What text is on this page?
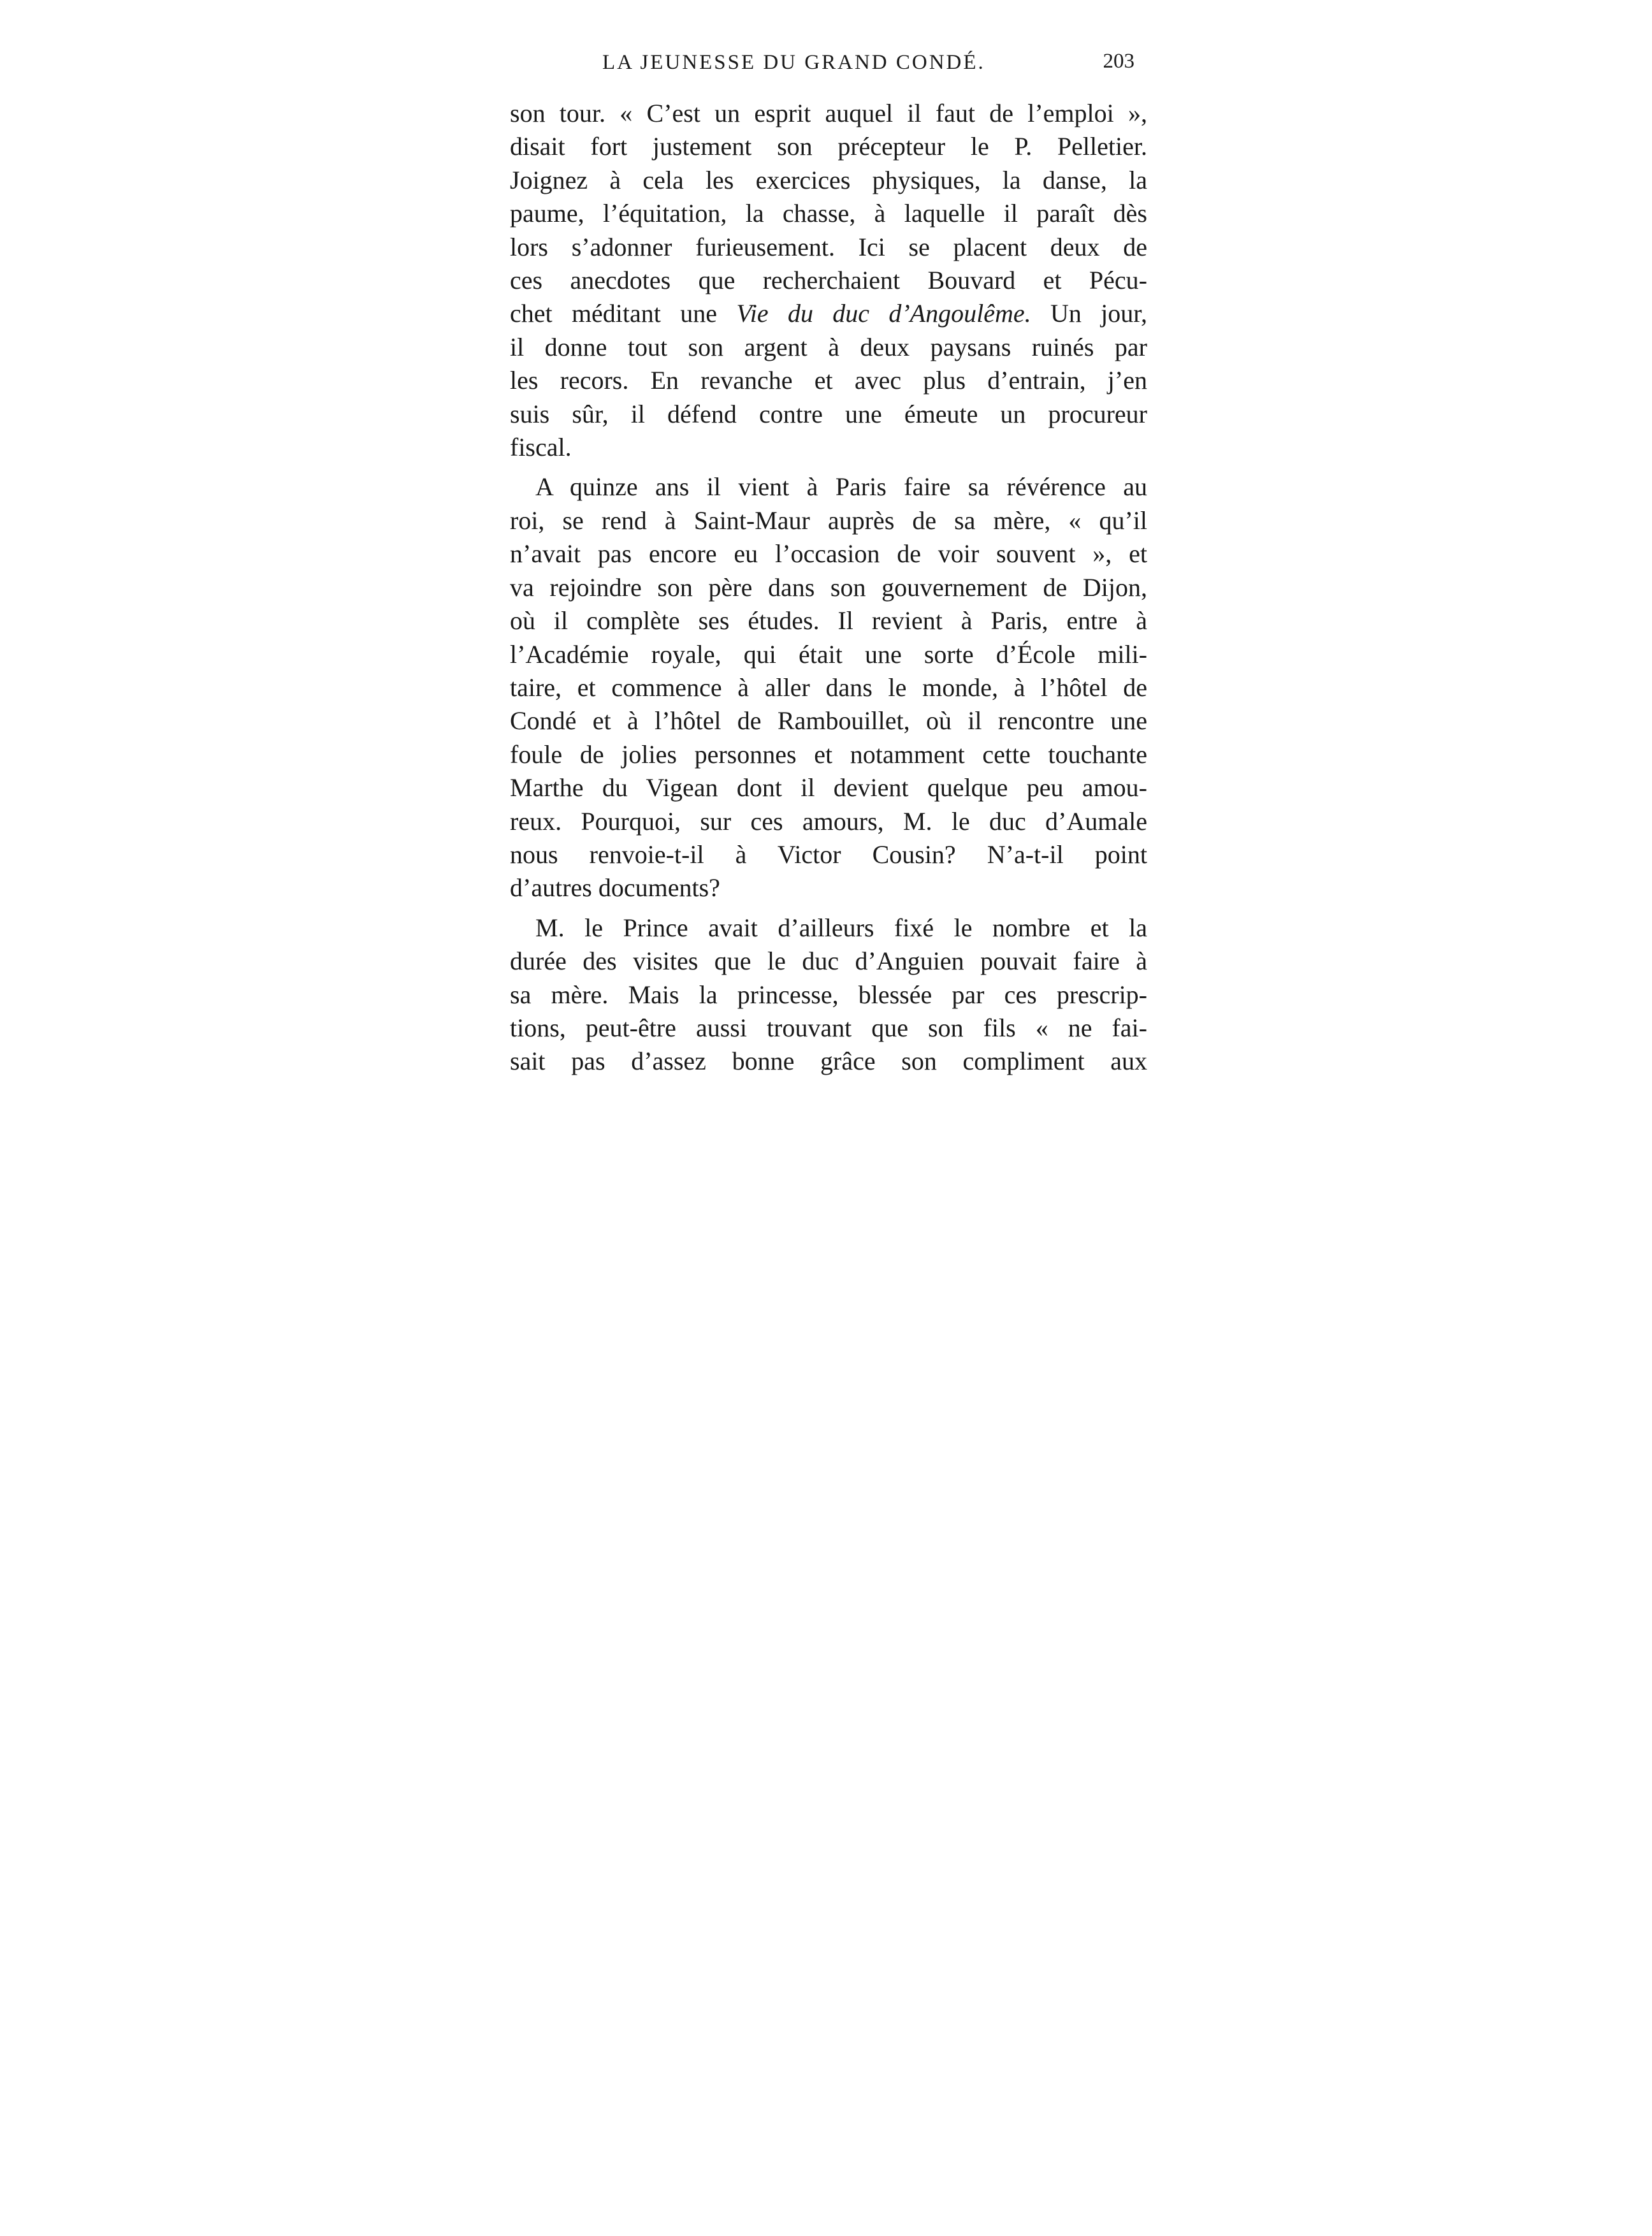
LA JEUNESSE DU GRAND CONDÉ.	203
son tour. « C’est un esprit auquel il faut de l’emploi »,
disait fort justement son précepteur le P. Pelletier.
Joignez à cela les exercices physiques, la danse, la
paume, l’équitation, la chasse, à laquelle il paraît dès
lors s’adonner furieusement. Ici se placent deux de
ces anecdotes que recherchaient Bouvard et Pécu-
chet méditant une Vie du duc d’Angoulême. Un jour,
il donne tout son argent à deux paysans ruinés par
les recors. En revanche et avec plus d’entrain, j’en
suis sûr, il défend contre une émeute un procureur
fiscal.
A quinze ans il vient à Paris faire sa révérence au
roi, se rend à Saint-Maur auprès de sa mère, « qu’il
n’avait pas encore eu l’occasion de voir souvent », et
va rejoindre son père dans son gouvernement de Dijon,
où il complète ses études. Il revient à Paris, entre à
l’Académie royale, qui était une sorte d’École mili-
taire, et commence à aller dans le monde, à l’hôtel de
Condé et à l’hôtel de Rambouillet, où il rencontre une
foule de jolies personnes et notamment cette touchante
Marthe du Vigean dont il devient quelque peu amou-
reux. Pourquoi, sur ces amours, M. le duc d’Aumale
nous renvoie-t-il à Victor Cousin? N’a-t-il point
d’autres documents?
M. le Prince avait d’ailleurs fixé le nombre et la
durée des visites que le duc d’Anguien pouvait faire à
sa mère. Mais la princesse, blessée par ces prescrip-
tions, peut-être aussi trouvant que son fils « ne fai-
sait pas d’assez bonne grâce son compliment aux
